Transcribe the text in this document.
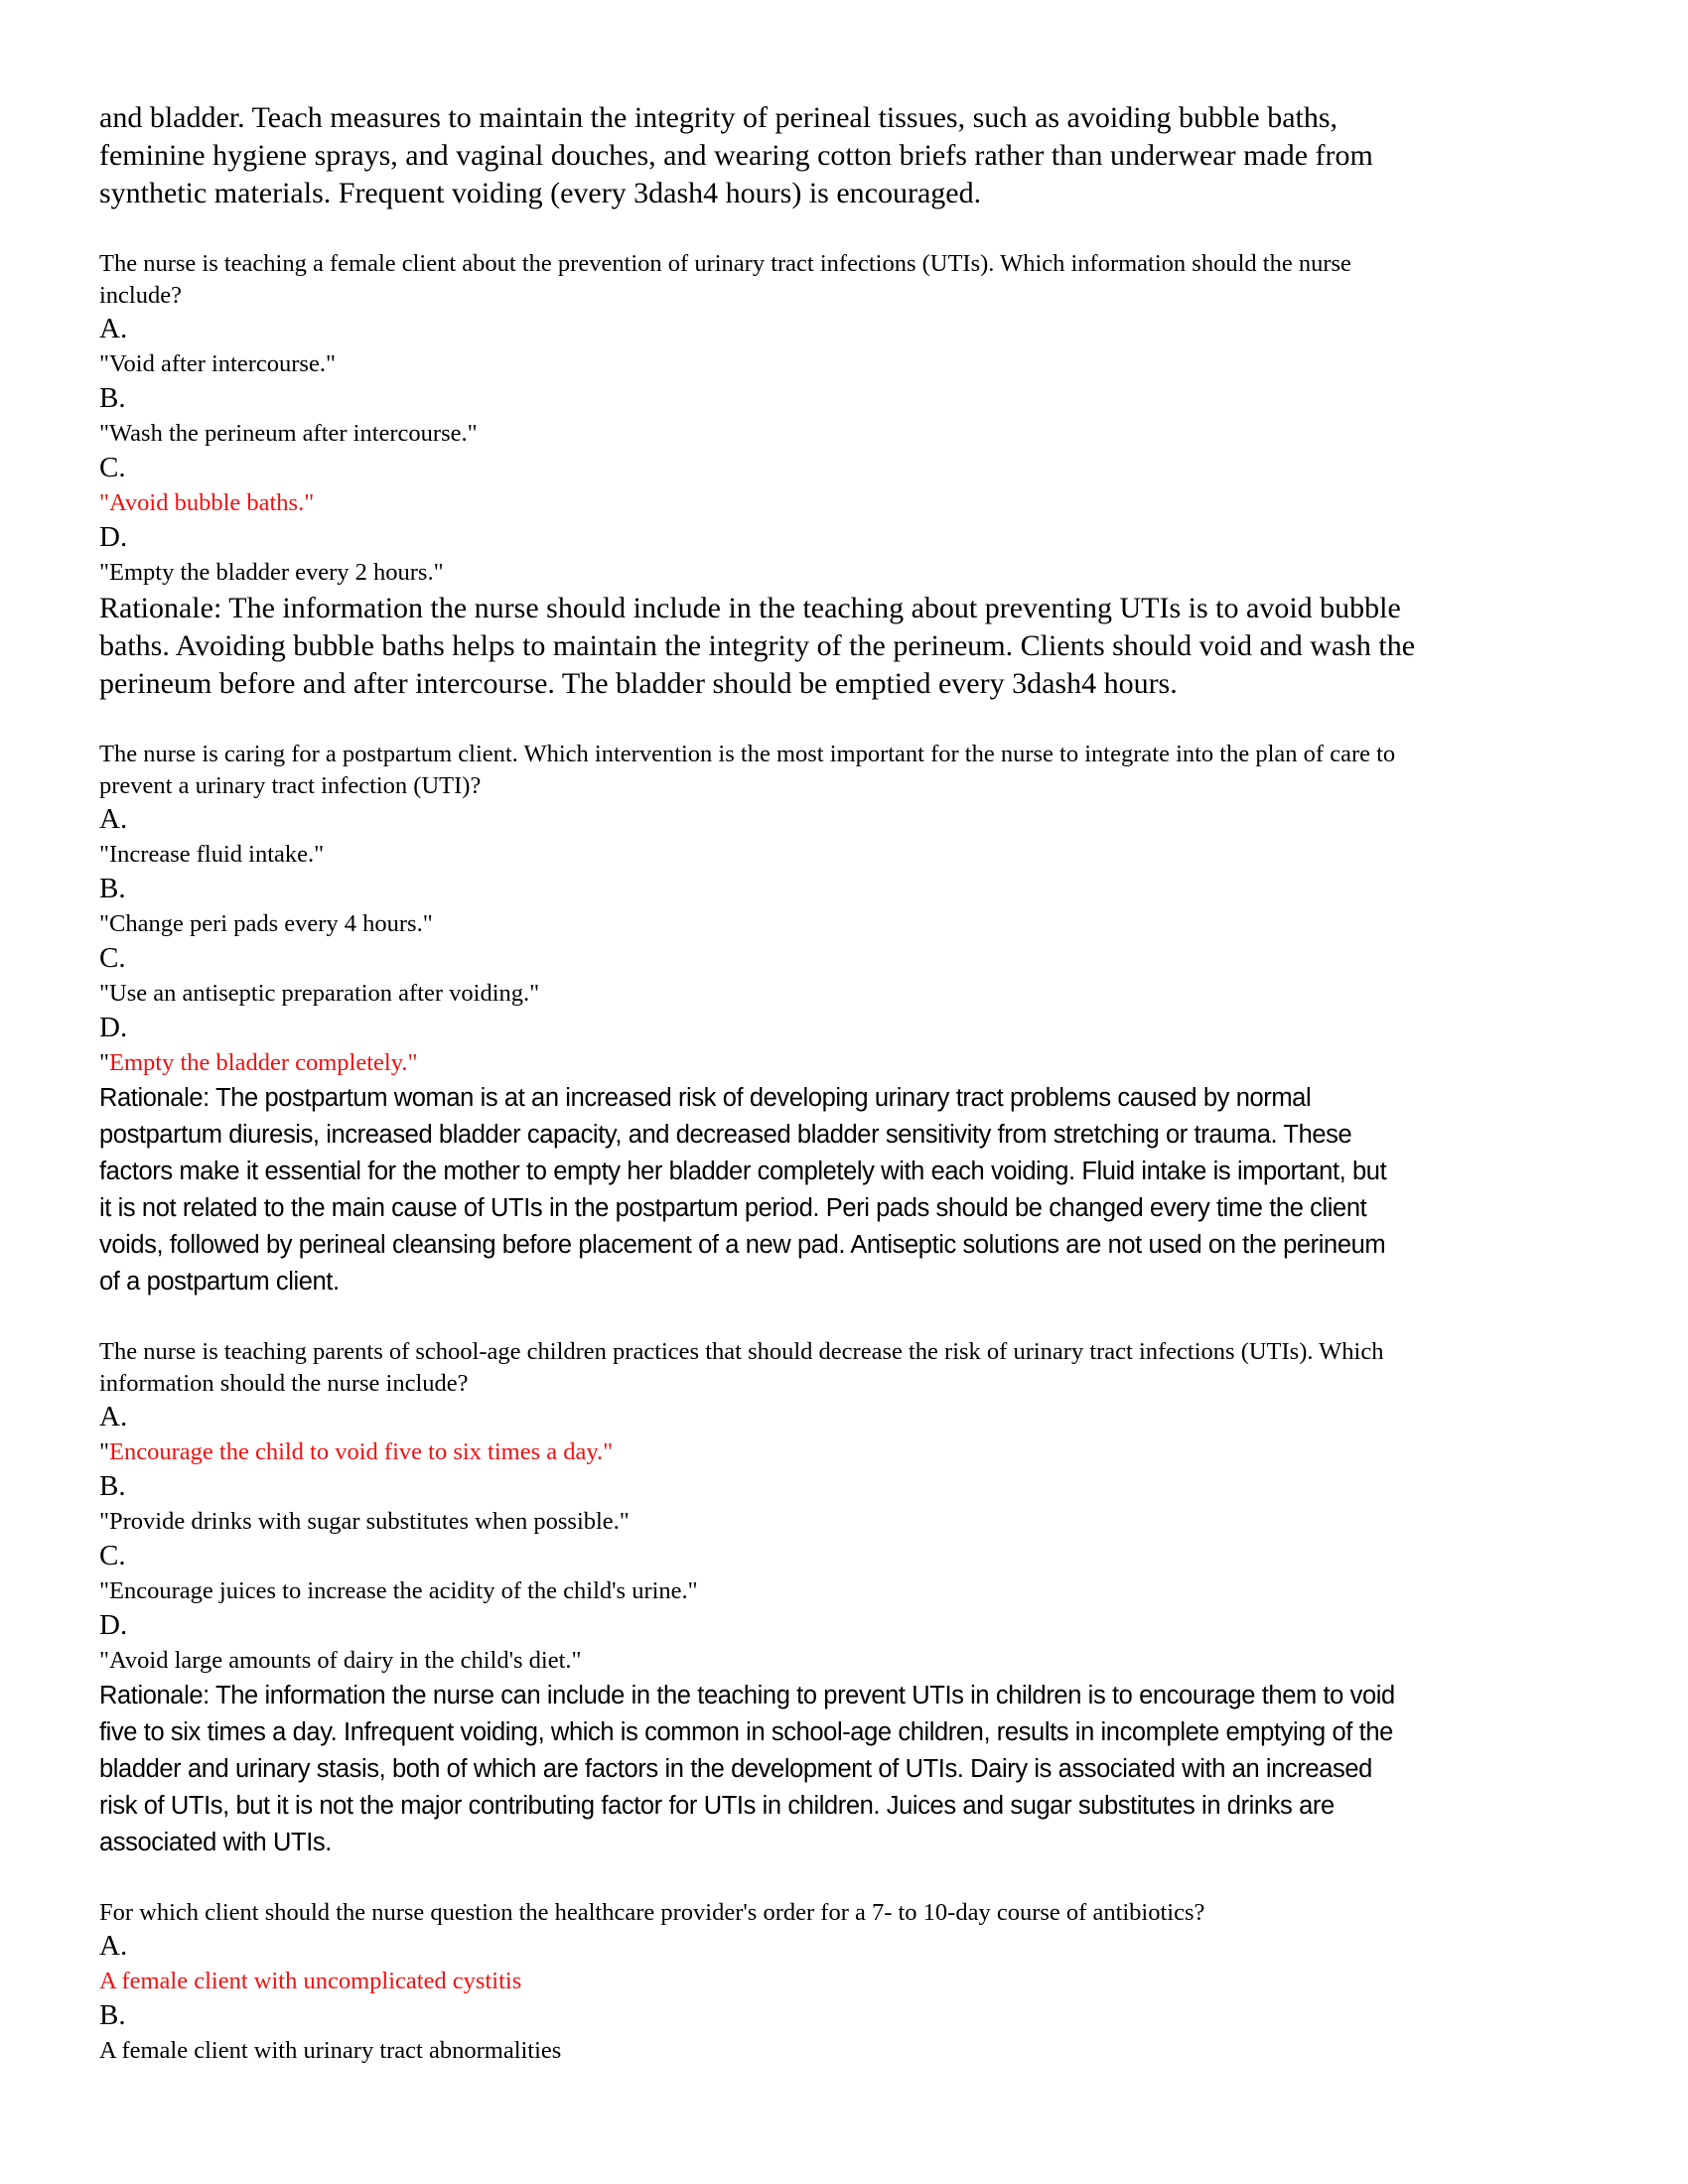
and bladder. Teach measures to maintain the integrity of perineal tissues, such as avoiding bubble baths,
feminine hygiene sprays, and vaginal douches, and wearing cotton briefs rather than underwear made from
synthetic materials. Frequent voiding (every 3dash4 hours) is encouraged.
The nurse is teaching a female client about the prevention of urinary tract infections (UTIs). Which information should the nurse
include?
A.
"Void after intercourse."
B.
"Wash the perineum after intercourse."
C.
"Avoid bubble baths."
D.
"Empty the bladder every 2 hours."
Rationale: The information the nurse should include in the teaching about preventing UTIs is to avoid bubble
baths. Avoiding bubble baths helps to maintain the integrity of the perineum. Clients should void and wash the
perineum before and after intercourse. The bladder should be emptied every 3dash4 hours.
The nurse is caring for a postpartum client. Which intervention is the most important for the nurse to integrate into the plan of care to
prevent a urinary tract infection (UTI)?
A.
"Increase fluid intake."
B.
"Change peri pads every 4 hours."
C.
"Use an antiseptic preparation after voiding."
D.
"Empty the bladder completely."
Rationale: The postpartum woman is at an increased risk of developing urinary tract problems caused by normal
postpartum diuresis, increased bladder capacity, and decreased bladder sensitivity from stretching or trauma. These
factors make it essential for the mother to empty her bladder completely with each voiding. Fluid intake is important, but
it is not related to the main cause of UTIs in the postpartum period. Peri pads should be changed every time the client
voids, followed by perineal cleansing before placement of a new pad. Antiseptic solutions are not used on the perineum
of a postpartum client.
The nurse is teaching parents of school-age children practices that should decrease the risk of urinary tract infections (UTIs). Which
information should the nurse include?
A.
"Encourage the child to void five to six times a day."
B.
"Provide drinks with sugar substitutes when possible."
C.
"Encourage juices to increase the acidity of the child's urine."
D.
"Avoid large amounts of dairy in the child's diet."
Rationale: The information the nurse can include in the teaching to prevent UTIs in children is to encourage them to void
five to six times a day. Infrequent voiding, which is common in school-age children, results in incomplete emptying of the
bladder and urinary stasis, both of which are factors in the development of UTIs. Dairy is associated with an increased
risk of UTIs, but it is not the major contributing factor for UTIs in children. Juices and sugar substitutes in drinks are
associated with UTIs.
For which client should the nurse question the healthcare provider's order for a 7- to 10-day course of antibiotics?
A.
A female client with uncomplicated cystitis
B.
A female client with urinary tract abnormalities
